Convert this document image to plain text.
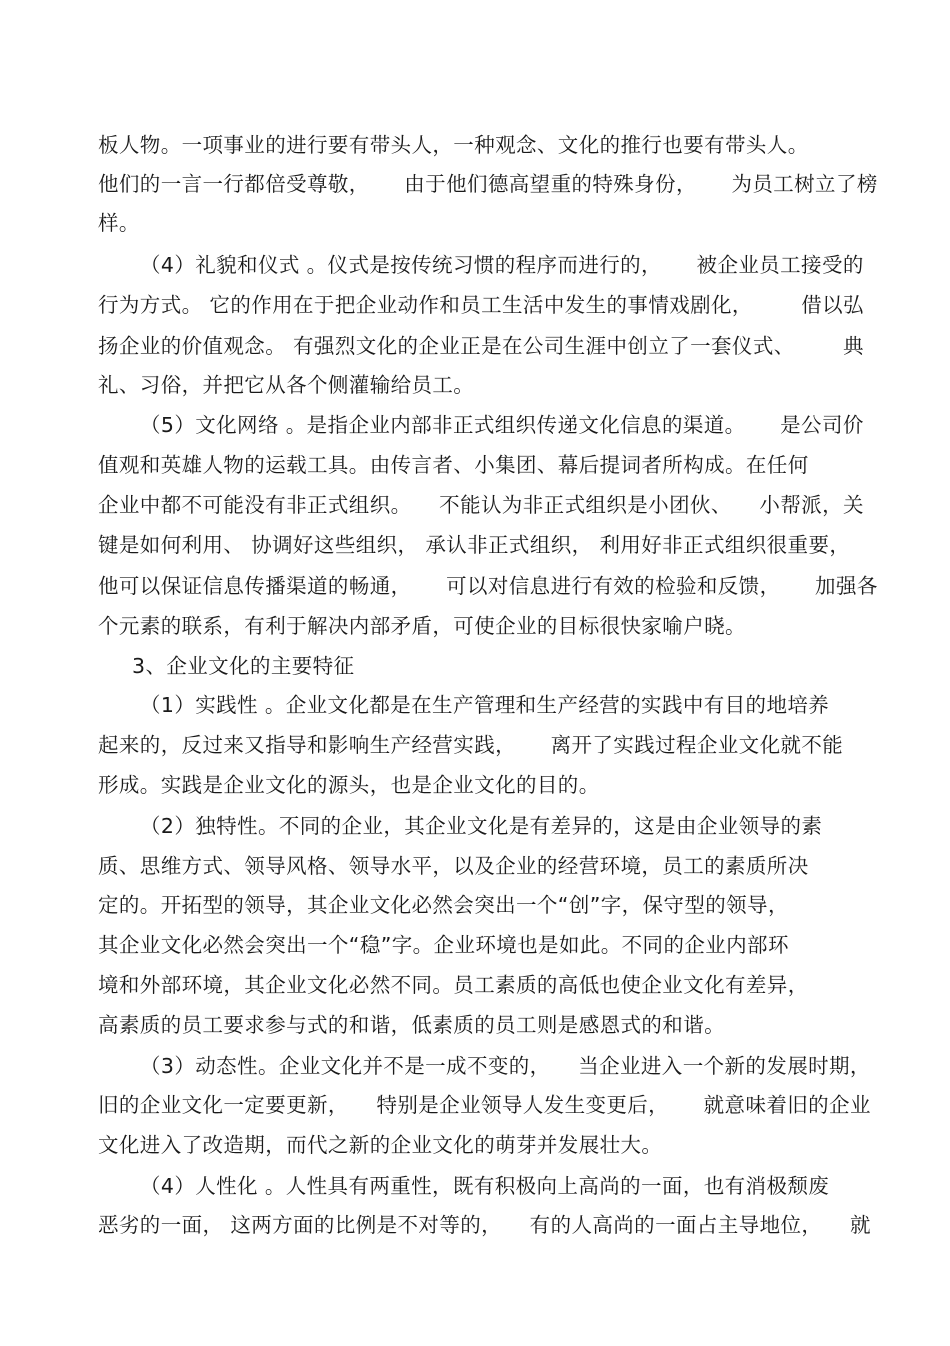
板人物。一项事业的进行要有带头人，一种观念、文化的推行也要有带头人。
他们的一言一行都倍受尊敬，     由于他们德高望重的特殊身份，     为员工树立了榜
样。
（4）礼貌和仪式 。仪式是按传统习惯的程序而进行的，     被企业员工接受的
行为方式。 它的作用在于把企业动作和员工生活中发生的事情戏剧化，       借以弘
扬企业的价值观念。 有强烈文化的企业正是在公司生涯中创立了一套仪式、       典
礼、习俗，并把它从各个侧灌输给员工。
（5）文化网络 。是指企业内部非正式组织传递文化信息的渠道。     是公司价
值观和英雄人物的运载工具。由传言者、小集团、幕后提词者所构成。在任何
企业中都不可能没有非正式组织。    不能认为非正式组织是小团伙、    小帮派，关
键是如何利用、 协调好这些组织， 承认非正式组织， 利用好非正式组织很重要，
他可以保证信息传播渠道的畅通，     可以对信息进行有效的检验和反馈，     加强各
个元素的联系，有利于解决内部矛盾，可使企业的目标很快家喻户晓。
3、企业文化的主要特征
（1）实践性 。企业文化都是在生产管理和生产经营的实践中有目的地培养
起来的，反过来又指导和影响生产经营实践，     离开了实践过程企业文化就不能
形成。实践是企业文化的源头，也是企业文化的目的。
（2）独特性。不同的企业，其企业文化是有差异的，这是由企业领导的素
质、思维方式、领导风格、领导水平，以及企业的经营环境，员工的素质所决
定的。开拓型的领导，其企业文化必然会突出一个“创”字，保守型的领导，
其企业文化必然会突出一个“稳”字。企业环境也是如此。不同的企业内部环
境和外部环境，其企业文化必然不同。员工素质的高低也使企业文化有差异，
高素质的员工要求参与式的和谐，低素质的员工则是感恩式的和谐。
（3）动态性。企业文化并不是一成不变的，    当企业进入一个新的发展时期，
旧的企业文化一定要更新，    特别是企业领导人发生变更后，     就意味着旧的企业
文化进入了改造期，而代之新的企业文化的萌芽并发展壮大。
（4）人性化 。人性具有两重性，既有积极向上高尚的一面，也有消极颓废
恶劣的一面， 这两方面的比例是不对等的，    有的人高尚的一面占主导地位，    就
